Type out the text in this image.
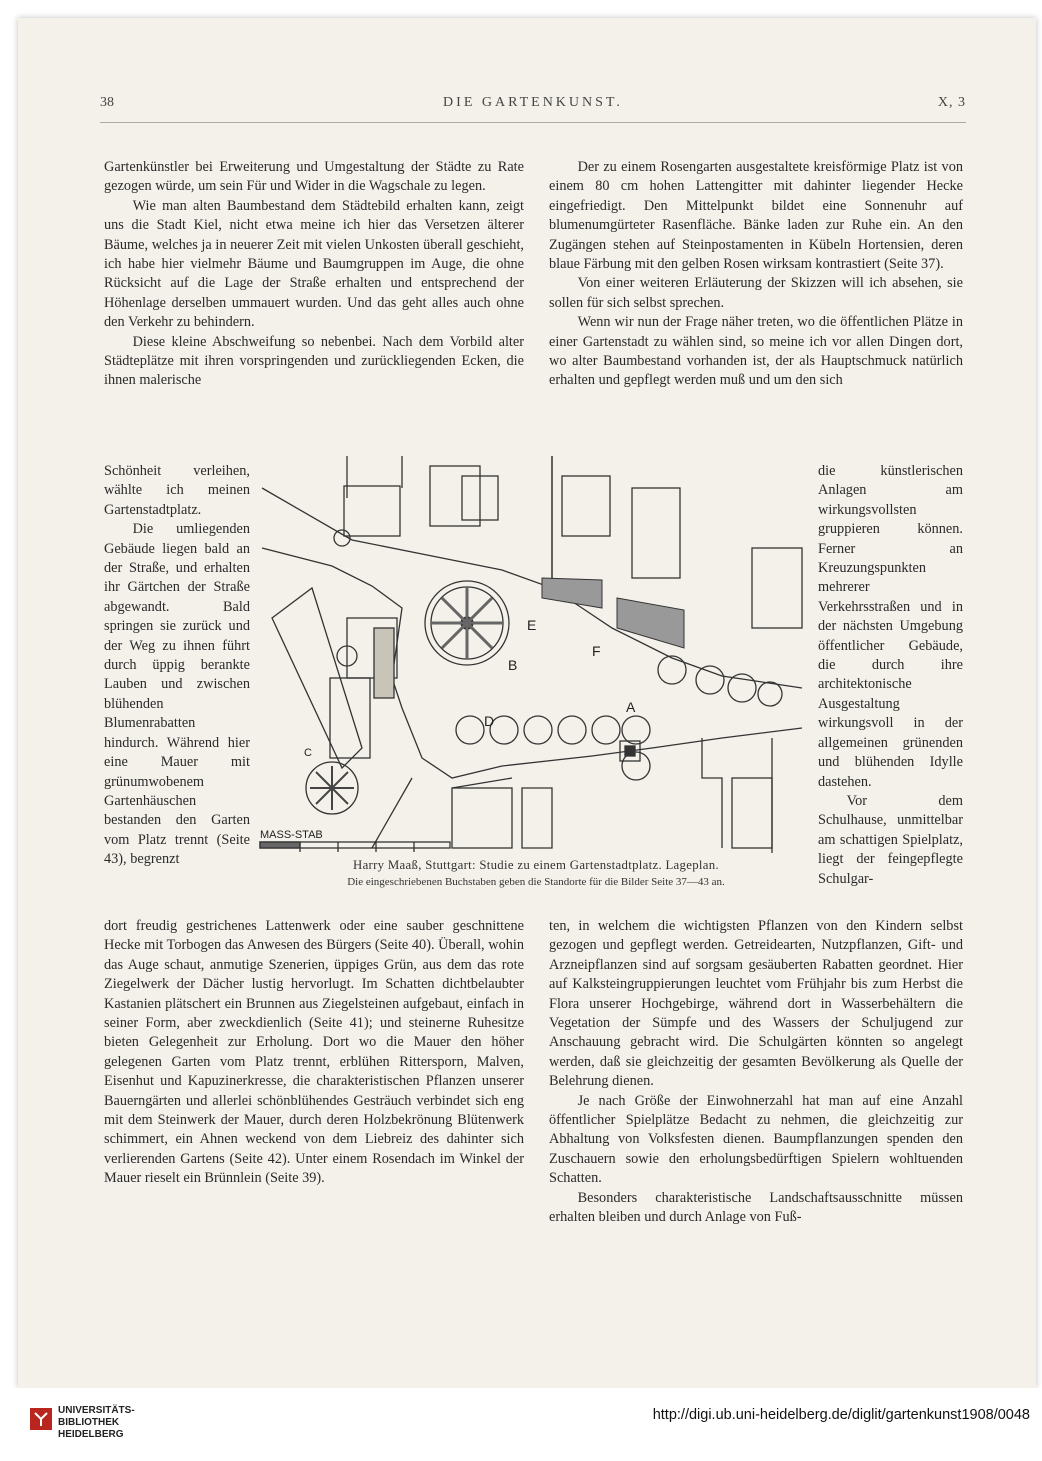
38	DIE GARTENKUNST.	X, 3

Gartenkünstler bei Erweiterung und Umgestaltung der Städte zu Rate gezogen würde, um sein Für und Wider in die Wagschale zu legen.

Wie man alten Baumbestand dem Städtebild erhalten kann, zeigt uns die Stadt Kiel, nicht etwa meine ich hier das Versetzen älterer Bäume, welches ja in neuerer Zeit mit vielen Unkosten überall geschieht, ich habe hier vielmehr Bäume und Baumgruppen im Auge, die ohne Rücksicht auf die Lage der Straße erhalten und entsprechend der Höhenlage derselben ummauert wurden. Und das geht alles auch ohne den Verkehr zu behindern.

Diese kleine Abschweifung so nebenbei. Nach dem Vorbild alter Städteplätze mit ihren vorspringenden und zurückliegenden Ecken, die ihnen malerische

Der zu einem Rosengarten ausgestaltete kreisförmige Platz ist von einem 80 cm hohen Lattengitter mit dahinter liegender Hecke eingefriedigt. Den Mittelpunkt bildet eine Sonnenuhr auf blumenumgürteter Rasenfläche. Bänke laden zur Ruhe ein. An den Zugängen stehen auf Steinpostamenten in Kübeln Hortensien, deren blaue Färbung mit den gelben Rosen wirksam kontrastiert (Seite 37).

Von einer weiteren Erläuterung der Skizzen will ich absehen, sie sollen für sich selbst sprechen.

Wenn wir nun der Frage näher treten, wo die öffentlichen Plätze in einer Gartenstadt zu wählen sind, so meine ich vor allen Dingen dort, wo alter Baumbestand vorhanden ist, der als Hauptschmuck natürlich erhalten und gepflegt werden muß und um den sich

Schönheit verleihen, wählte ich meinen Gartenstadtplatz.

Die umliegenden Gebäude liegen bald an der Straße, und erhalten ihr Gärtchen der Straße abgewandt. Bald springen sie zurück und der Weg zu ihnen führt durch üppig berankte Lauben und zwischen blühenden Blumenrabatten hindurch. Während hier eine Mauer mit grünumwobenem Gartenhäuschen bestanden den Garten vom Platz trennt (Seite 43), begrenzt

die künstlerischen Anlagen am wirkungsvollsten gruppieren können. Ferner an Kreuzungspunkten mehrerer Verkehrsstraßen und in der nächsten Umgebung öffentlicher Gebäude, die durch ihre architektonische Ausgestaltung wirkungsvoll in der allgemeinen grünenden und blühenden Idylle dastehen.

Vor dem Schulhause, unmittelbar am schattigen Spielplatz, liegt der feingepflegte Schulgar-

MASS-STAB
A
B
C
D
E
F
Harry Maaß, Stuttgart: Studie zu einem Gartenstadtplatz. Lageplan.
Die eingeschriebenen Buchstaben geben die Standorte für die Bilder Seite 37—43 an.

dort freudig gestrichenes Lattenwerk oder eine sauber geschnittene Hecke mit Torbogen das Anwesen des Bürgers (Seite 40). Überall, wohin das Auge schaut, anmutige Szenerien, üppiges Grün, aus dem das rote Ziegelwerk der Dächer lustig hervorlugt. Im Schatten dichtbelaubter Kastanien plätschert ein Brunnen aus Ziegelsteinen aufgebaut, einfach in seiner Form, aber zweckdienlich (Seite 41); und steinerne Ruhesitze bieten Gelegenheit zur Erholung. Dort wo die Mauer den höher gelegenen Garten vom Platz trennt, erblühen Rittersporn, Malven, Eisenhut und Kapuzinerkresse, die charakteristischen Pflanzen unserer Bauerngärten und allerlei schönblühendes Gesträuch verbindet sich eng mit dem Steinwerk der Mauer, durch deren Holzbekrönung Blütenwerk schimmert, ein Ahnen weckend von dem Liebreiz des dahinter sich verlierenden Gartens (Seite 42). Unter einem Rosendach im Winkel der Mauer rieselt ein Brünnlein (Seite 39).

ten, in welchem die wichtigsten Pflanzen von den Kindern selbst gezogen und gepflegt werden. Getreidearten, Nutzpflanzen, Gift- und Arzneipflanzen sind auf sorgsam gesäuberten Rabatten geordnet. Hier auf Kalksteingruppierungen leuchtet vom Frühjahr bis zum Herbst die Flora unserer Hochgebirge, während dort in Wasserbehältern die Vegetation der Sümpfe und des Wassers der Schuljugend zur Anschauung gebracht wird. Die Schulgärten könnten so angelegt werden, daß sie gleichzeitig der gesamten Bevölkerung als Quelle der Belehrung dienen.

Je nach Größe der Einwohnerzahl hat man auf eine Anzahl öffentlicher Spielplätze Bedacht zu nehmen, die gleichzeitig zur Abhaltung von Volksfesten dienen. Baumpflanzungen spenden den Zuschauern sowie den erholungsbedürftigen Spielern wohltuenden Schatten.

Besonders charakteristische Landschaftsausschnitte müssen erhalten bleiben und durch Anlage von Fuß-

UNIVERSITÄTS-
BIBLIOTHEK
HEIDELBERG
http://digi.ub.uni-heidelberg.de/diglit/gartenkunst1908/0048
